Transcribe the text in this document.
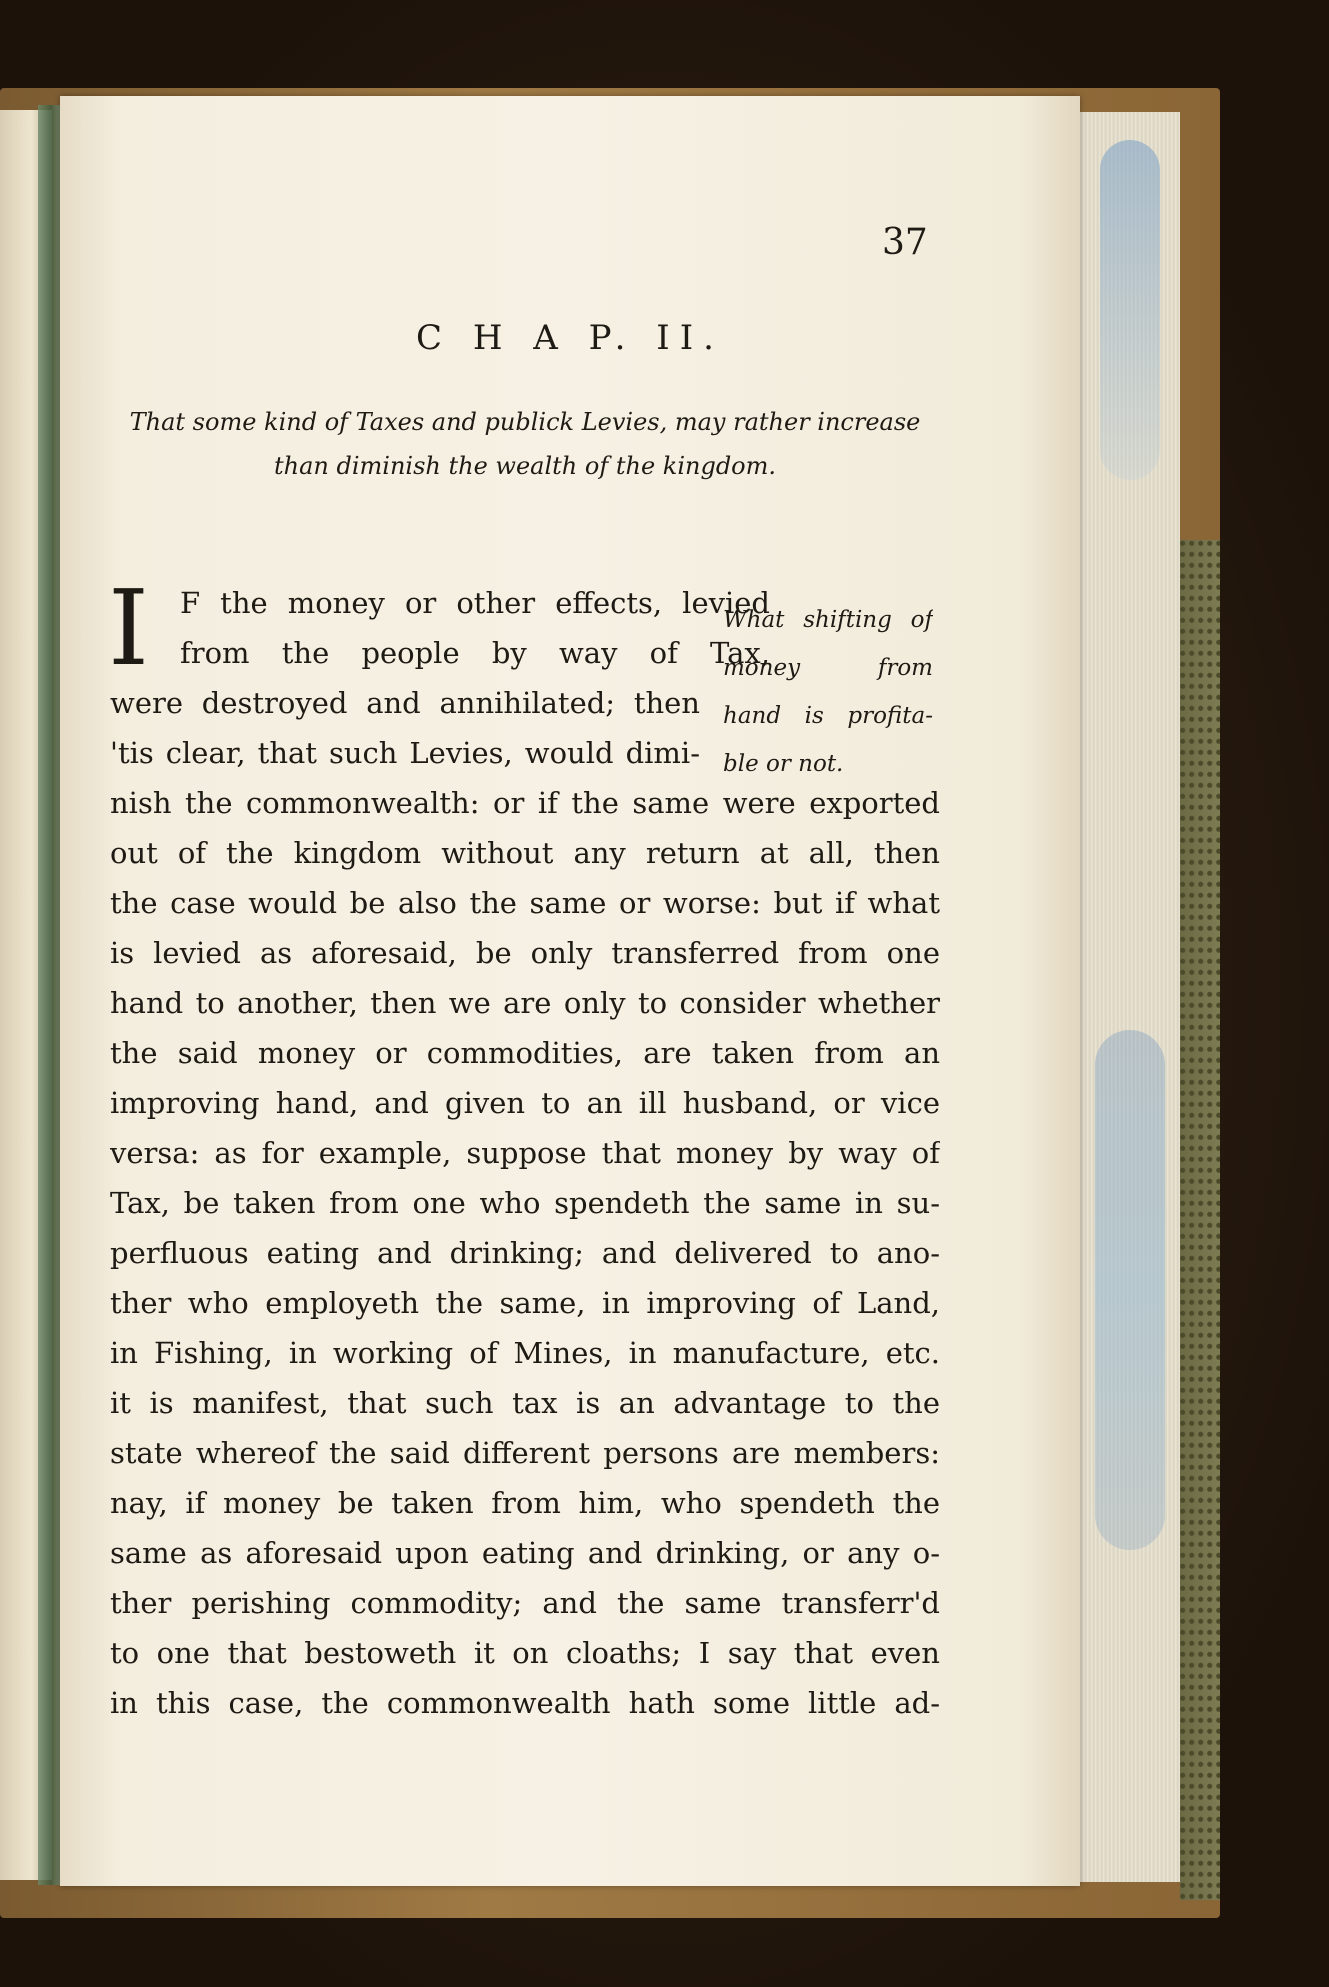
37
C H A P. II.
That some kind of Taxes and publick Levies, may rather increase
than diminish the wealth of the kingdom.
I	F the money or other effects, levied
from the people by way of Tax,
were destroyed and annihilated; then
'tis clear, that such Levies, would dimi-
nish the commonwealth: or if the same were exported
out of the kingdom without any return at all, then
the case would be also the same or worse: but if what
is levied as aforesaid, be only transferred from one
hand to another, then we are only to consider whether
the said money or commodities, are taken from an
improving hand, and given to an ill husband, or vice
versa: as for example, suppose that money by way of
Tax, be taken from one who spendeth the same in su-
perfluous eating and drinking; and delivered to ano-
ther who employeth the same, in improving of Land,
in Fishing, in working of Mines, in manufacture, etc.
it is manifest, that such tax is an advantage to the
state whereof the said different persons are members:
nay, if money be taken from him, who spendeth the
same as aforesaid upon eating and drinking, or any o-
ther perishing commodity; and the same transferr'd
to one that bestoweth it on cloaths; I say that even
in this case, the commonwealth hath some little ad-
What shifting of
money from
hand is profita-
ble or not.
